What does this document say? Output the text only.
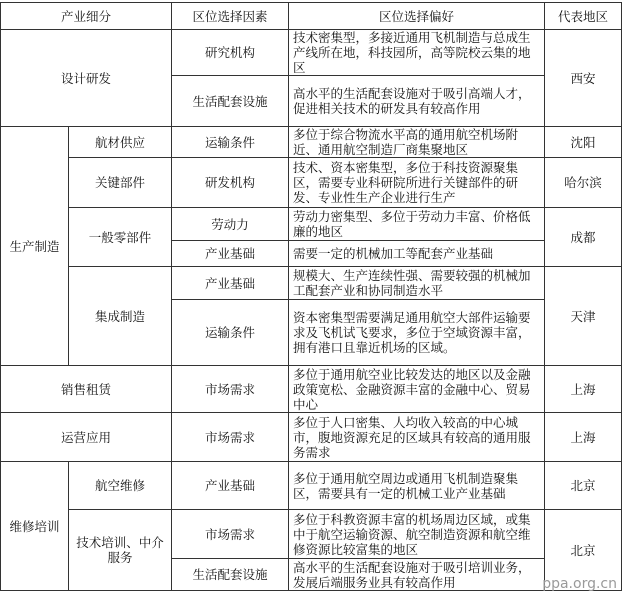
产业细分		区位选择因素	区位选择偏好	代表地区
设计研发		研究机构	技术密集型，多接近通用飞机制造与总成生产线所在地，科技园所，高等院校云集的地区	西安
		生活配套设施	高水平的生活配套设施对于吸引高端人才，促进相关技术的研发具有较高作用	
生产制造	航材供应	运输条件	多位于综合物流水平高的通用航空机场附近、通用航空制造厂商集聚地区	沈阳
	关键部件	研发机构	技术、资本密集型，多位于科技资源聚集区，需要专业科研院所进行关键部件的研发、专业性生产企业进行生产	哈尔滨
	一般零部件	劳动力	劳动力密集型、多位于劳动力丰富、价格低廉的地区	成都
		产业基础	需要一定的机械加工等配套产业基础	
	集成制造	产业基础	规模大、生产连续性强、需要较强的机械加工配套产业和协同制造水平	天津
		运输条件	资本密集型需要满足通用航空大部件运输要求及飞机试飞要求，多位于空域资源丰富，拥有港口且靠近机场的区域。	
销售租赁		市场需求	多位于通用航空业比较发达的地区以及金融政策宽松、金融资源丰富的金融中心、贸易中心	上海
运营应用		市场需求	多位于人口密集、人均收入较高的中心城市，腹地资源充足的区域具有较高的通用服务需求	上海
维修培训	航空维修	产业基础	多位于通用航空周边或通用飞机制造聚集区，需要具有一定的机械工业产业基础	北京
	技术培训、中介服务	市场需求	多位于科教资源丰富的机场周边区域，或集中于航空运输资源、航空制造资源和航空维修资源比较富集的地区	北京
		生活配套设施	高水平的生活配套设施对于吸引培训业务，发展后端服务业具有较高作用		ppa.org.cn
